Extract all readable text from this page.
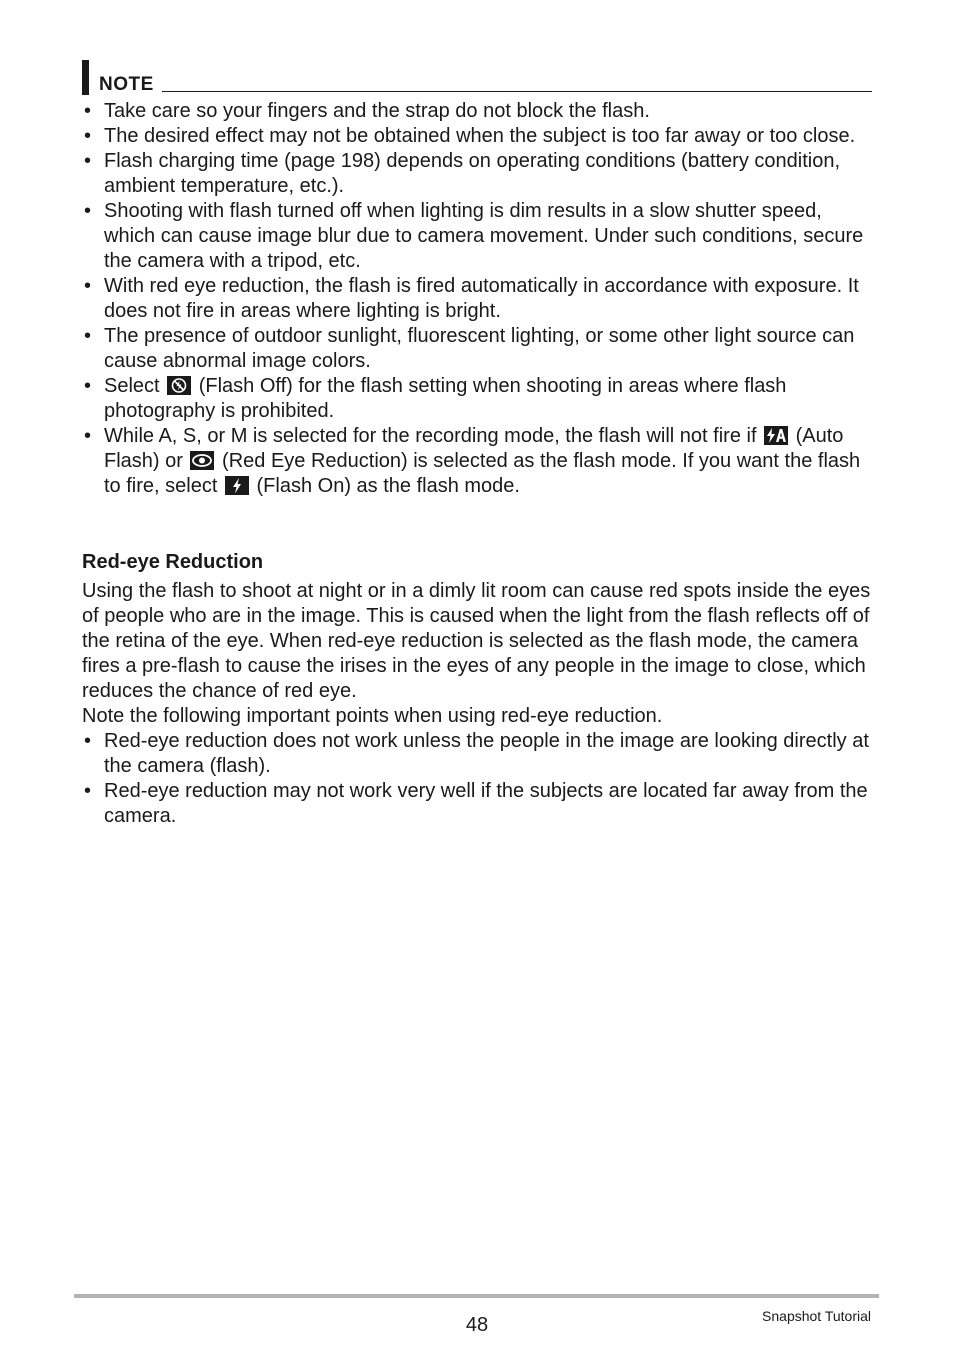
NOTE
• Take care so your fingers and the strap do not block the flash.
• The desired effect may not be obtained when the subject is too far away or too close.
• Flash charging time (page 198) depends on operating conditions (battery condition, ambient temperature, etc.).
• Shooting with flash turned off when lighting is dim results in a slow shutter speed, which can cause image blur due to camera movement. Under such conditions, secure the camera with a tripod, etc.
• With red eye reduction, the flash is fired automatically in accordance with exposure. It does not fire in areas where lighting is bright.
• The presence of outdoor sunlight, fluorescent lighting, or some other light source can cause abnormal image colors.
• Select (Flash Off) for the flash setting when shooting in areas where flash photography is prohibited.
• While A, S, or M is selected for the recording mode, the flash will not fire if (Auto Flash) or (Red Eye Reduction) is selected as the flash mode. If you want the flash to fire, select (Flash On) as the flash mode.
Red-eye Reduction

Using the flash to shoot at night or in a dimly lit room can cause red spots inside the eyes of people who are in the image. This is caused when the light from the flash reflects off of the retina of the eye. When red-eye reduction is selected as the flash mode, the camera fires a pre-flash to cause the irises in the eyes of any people in the image to close, which reduces the chance of red eye.

Note the following important points when using red-eye reduction.

• Red-eye reduction does not work unless the people in the image are looking directly at the camera (flash).
• Red-eye reduction may not work very well if the subjects are located far away from the camera.
48	Snapshot Tutorial
